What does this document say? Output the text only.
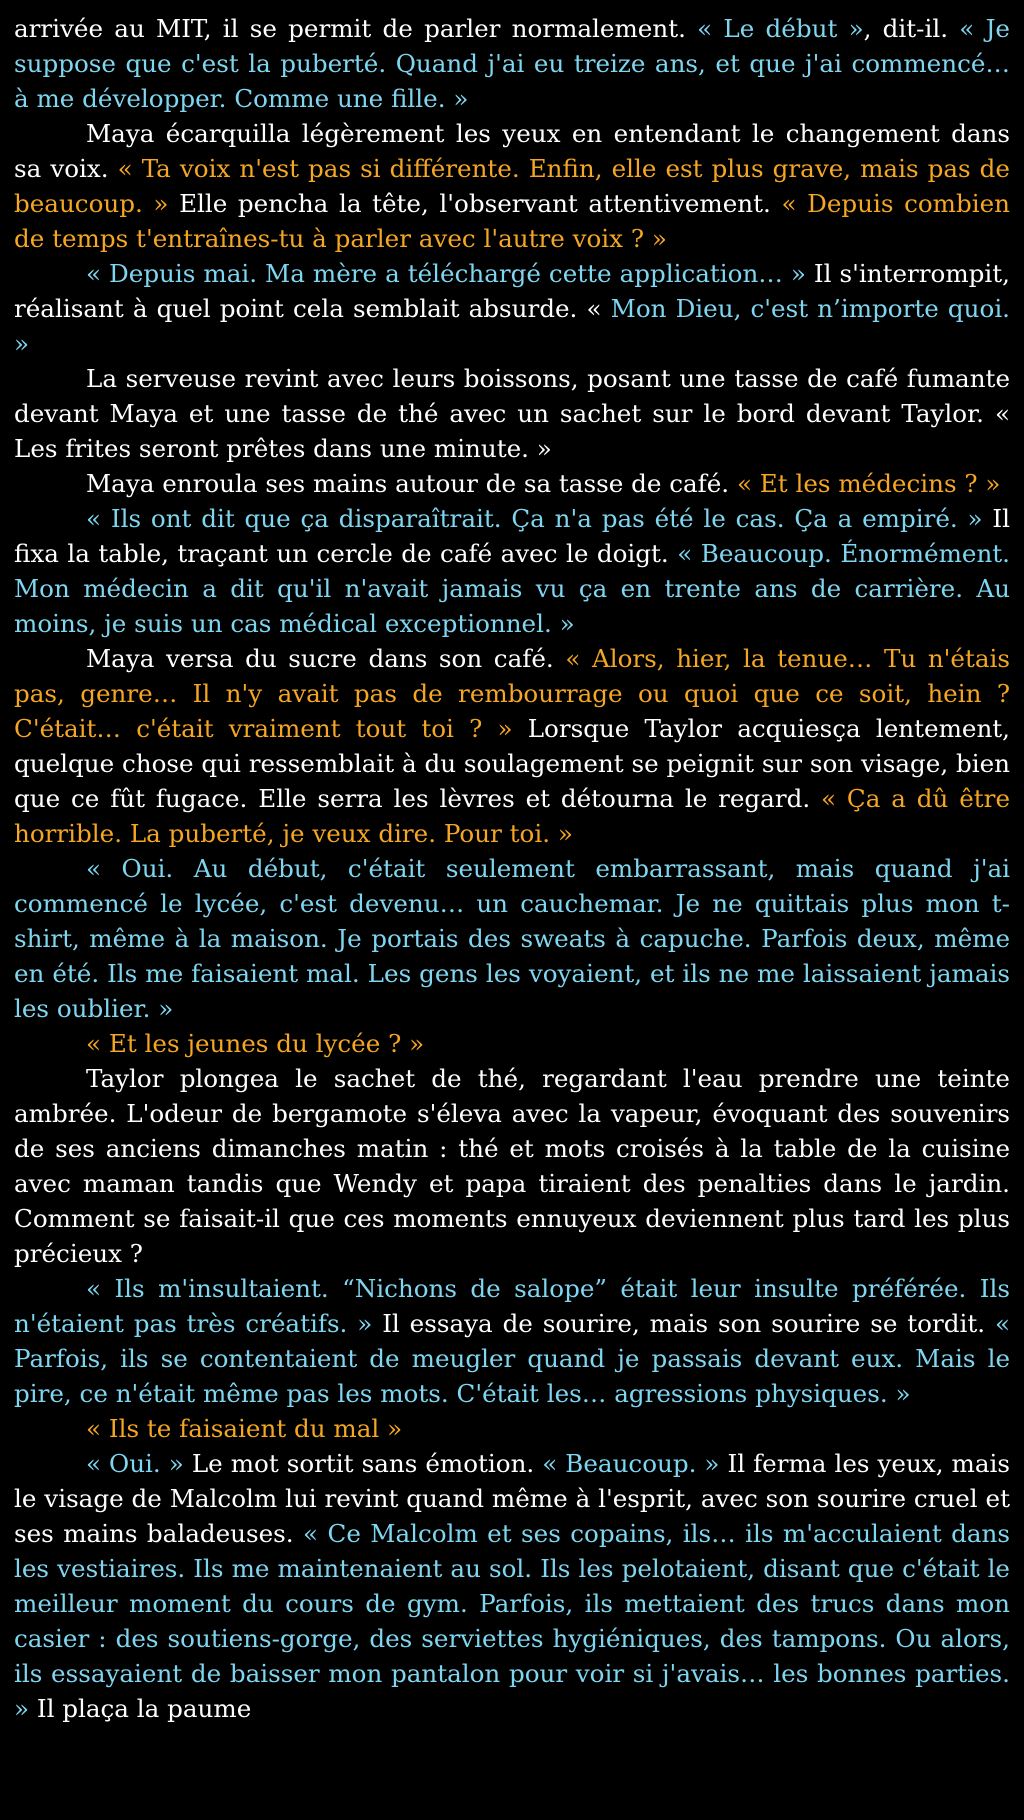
arrivée au MIT, il se permit de parler normalement. « Le début », dit-il. « Je suppose que c'est la puberté. Quand j'ai eu treize ans, et que j'ai commencé… à me développer. Comme une fille. »

Maya écarquilla légèrement les yeux en entendant le changement dans sa voix. « Ta voix n'est pas si différente. Enfin, elle est plus grave, mais pas de beaucoup. » Elle pencha la tête, l'observant attentivement. « Depuis combien de temps t'entraînes-tu à parler avec l'autre voix ? »

« Depuis mai. Ma mère a téléchargé cette application… » Il s'interrompit, réalisant à quel point cela semblait absurde. « Mon Dieu, c'est n’importe quoi. »

La serveuse revint avec leurs boissons, posant une tasse de café fumante devant Maya et une tasse de thé avec un sachet sur le bord devant Taylor. « Les frites seront prêtes dans une minute. »

Maya enroula ses mains autour de sa tasse de café. « Et les médecins ? »

« Ils ont dit que ça disparaîtrait. Ça n'a pas été le cas. Ça a empiré. » Il fixa la table, traçant un cercle de café avec le doigt. « Beaucoup. Énormément. Mon médecin a dit qu'il n'avait jamais vu ça en trente ans de carrière. Au moins, je suis un cas médical exceptionnel. »

Maya versa du sucre dans son café. « Alors, hier, la tenue… Tu n'étais pas, genre… Il n'y avait pas de rembourrage ou quoi que ce soit, hein ? C'était… c'était vraiment tout toi ? » Lorsque Taylor acquiesça lentement, quelque chose qui ressemblait à du soulagement se peignit sur son visage, bien que ce fût fugace. Elle serra les lèvres et détourna le regard. « Ça a dû être horrible. La puberté, je veux dire. Pour toi. »

« Oui. Au début, c'était seulement embarrassant, mais quand j'ai commencé le lycée, c'est devenu… un cauchemar. Je ne quittais plus mon t-shirt, même à la maison. Je portais des sweats à capuche. Parfois deux, même en été. Ils me faisaient mal. Les gens les voyaient, et ils ne me laissaient jamais les oublier. »

« Et les jeunes du lycée ? »

Taylor plongea le sachet de thé, regardant l'eau prendre une teinte ambrée. L'odeur de bergamote s'éleva avec la vapeur, évoquant des souvenirs de ses anciens dimanches matin : thé et mots croisés à la table de la cuisine avec maman tandis que Wendy et papa tiraient des penalties dans le jardin. Comment se faisait-il que ces moments ennuyeux deviennent plus tard les plus précieux ?

« Ils m'insultaient. “Nichons de salope” était leur insulte préférée. Ils n'étaient pas très créatifs. » Il essaya de sourire, mais son sourire se tordit. « Parfois, ils se contentaient de meugler quand je passais devant eux. Mais le pire, ce n'était même pas les mots. C'était les… agressions physiques. »

« Ils te faisaient du mal »

« Oui. » Le mot sortit sans émotion. « Beaucoup. » Il ferma les yeux, mais le visage de Malcolm lui revint quand même à l'esprit, avec son sourire cruel et ses mains baladeuses. « Ce Malcolm et ses copains, ils… ils m'acculaient dans les vestiaires. Ils me maintenaient au sol. Ils les pelotaient, disant que c'était le meilleur moment du cours de gym. Parfois, ils mettaient des trucs dans mon casier : des soutiens-gorge, des serviettes hygiéniques, des tampons. Ou alors, ils essayaient de baisser mon pantalon pour voir si j'avais… les bonnes parties. » Il plaça la paume
